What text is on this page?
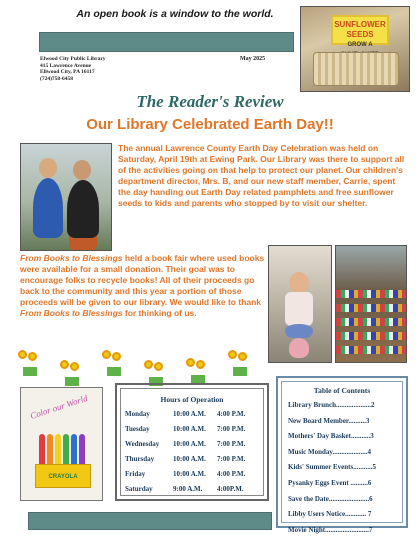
An open book is a window to the world.
SUNFLOWER SEEDS
GROW A
Elwood City Public Library
415 Lawrence Avenue
Ellwood City, PA 16117
(724)758-6458
May 2025
The Reader's Review
Our Library Celebrated Earth Day!!
The annual Lawrence County Earth Day Celebration was held on Saturday, April 19th at Ewing Park. Our Library was there to support all of the activities going on that help to protect our planet. Our children's department director, Mrs. B, and our new staff member, Carrie, spent the day handing out Earth Day related pamphlets and free sunflower seeds to kids and parents who stopped by to visit our shelter.
From Books to Blessings held a book fair where used books were available for a small donation. Their goal was to encourage folks to recycle books! All of their proceeds go back to the community and this year a portion of those proceeds will be given to our library. We would like to thank From Books to Blessings for thinking of us.
Color our World
CRAYOLA
Hours of Operation
Monday	10:00 A.M.	4:00 P.M.
Tuesday	10:00 A.M.	7:00 P.M.
Wednesday	10:00 A.M.	7:00 P.M.
Thursday	10:00 A.M.	7:00 P.M.
Friday	10:00 A.M.	4:00 P.M.
Saturday	9:00 A.M.	4:00P.M.
Table of Contents
Library Brunch....................2
New Board Member..........3
Mothers' Day Basket...........3
Music Monday....................4
Kids' Summer Events...........5
Pysanky Eggs Event ..........6
Save the Date.......................6
Libby Users Notice............ 7
Movie Night.........................7
